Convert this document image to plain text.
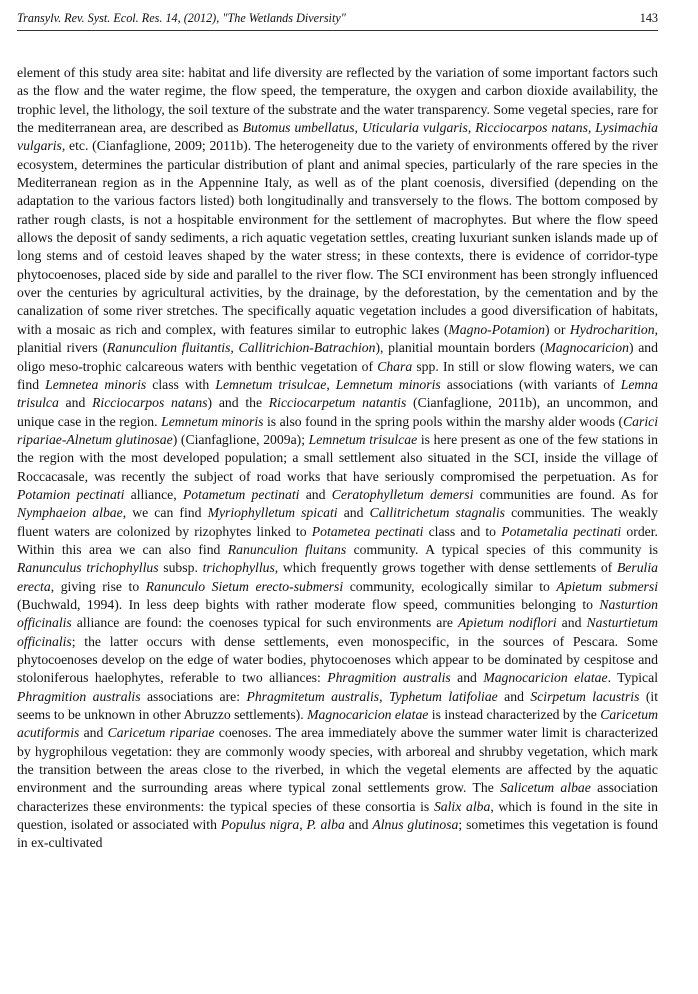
Transylv. Rev. Syst. Ecol. Res. 14, (2012), "The Wetlands Diversity"	143

element of this study area site: habitat and life diversity are reflected by the variation of some important factors such as the flow and the water regime, the flow speed, the temperature, the oxygen and carbon dioxide availability, the trophic level, the lithology, the soil texture of the substrate and the water transparency. Some vegetal species, rare for the mediterranean area, are described as Butomus umbellatus, Uticularia vulgaris, Ricciocarpos natans, Lysimachia vulgaris, etc. (Cianfaglione, 2009; 2011b). The heterogeneity due to the variety of environments offered by the river ecosystem, determines the particular distribution of plant and animal species, particularly of the rare species in the Mediterranean region as in the Appennine Italy, as well as of the plant coenosis, diversified (depending on the adaptation to the various factors listed) both longitudinally and transversely to the flows. The bottom composed by rather rough clasts, is not a hospitable environment for the settlement of macrophytes. But where the flow speed allows the deposit of sandy sediments, a rich aquatic vegetation settles, creating luxuriant sunken islands made up of long stems and of cestoid leaves shaped by the water stress; in these contexts, there is evidence of corridor-type phytocoenoses, placed side by side and parallel to the river flow. The SCI environment has been strongly influenced over the centuries by agricultural activities, by the drainage, by the deforestation, by the cementation and by the canalization of some river stretches. The specifically aquatic vegetation includes a good diversification of habitats, with a mosaic as rich and complex, with features similar to eutrophic lakes (Magno-Potamion) or Hydrocharition, planitial rivers (Ranunculion fluitantis, Callitrichion-Batrachion), planitial mountain borders (Magnocaricion) and oligo meso-trophic calcareous waters with benthic vegetation of Chara spp. In still or slow flowing waters, we can find Lemnetea minoris class with Lemnetum trisulcae, Lemnetum minoris associations (with variants of Lemna trisulca and Ricciocarpos natans) and the Ricciocarpetum natantis (Cianfaglione, 2011b), an uncommon, and unique case in the region. Lemnetum minoris is also found in the spring pools within the marshy alder woods (Carici ripariae-Alnetum glutinosae) (Cianfaglione, 2009a); Lemnetum trisulcae is here present as one of the few stations in the region with the most developed population; a small settlement also situated in the SCI, inside the village of Roccacasale, was recently the subject of road works that have seriously compromised the perpetuation. As for Potamion pectinati alliance, Potametum pectinati and Ceratophylletum demersi communities are found. As for Nymphaeion albae, we can find Myriophylletum spicati and Callitrichetum stagnalis communities. The weakly fluent waters are colonized by rizophytes linked to Potametea pectinati class and to Potametalia pectinati order. Within this area we can also find Ranunculion fluitans community. A typical species of this community is Ranunculus trichophyllus subsp. trichophyllus, which frequently grows together with dense settlements of Berulia erecta, giving rise to Ranunculo Sietum erecto-submersi community, ecologically similar to Apietum submersi (Buchwald, 1994). In less deep bights with rather moderate flow speed, communities belonging to Nasturtion officinalis alliance are found: the coenoses typical for such environments are Apietum nodiflori and Nasturtietum officinalis; the latter occurs with dense settlements, even monospecific, in the sources of Pescara. Some phytocoenoses develop on the edge of water bodies, phytocoenoses which appear to be dominated by cespitose and stoloniferous haelophytes, referable to two alliances: Phragmition australis and Magnocaricion elatae. Typical Phragmition australis associations are: Phragmitetum australis, Typhetum latifoliae and Scirpetum lacustris (it seems to be unknown in other Abruzzo settlements). Magnocaricion elatae is instead characterized by the Caricetum acutiformis and Caricetum ripariae coenoses. The area immediately above the summer water limit is characterized by hygrophilous vegetation: they are commonly woody species, with arboreal and shrubby vegetation, which mark the transition between the areas close to the riverbed, in which the vegetal elements are affected by the aquatic environment and the surrounding areas where typical zonal settlements grow. The Salicetum albae association characterizes these environments: the typical species of these consortia is Salix alba, which is found in the site in question, isolated or associated with Populus nigra, P. alba and Alnus glutinosa; sometimes this vegetation is found in ex-cultivated
